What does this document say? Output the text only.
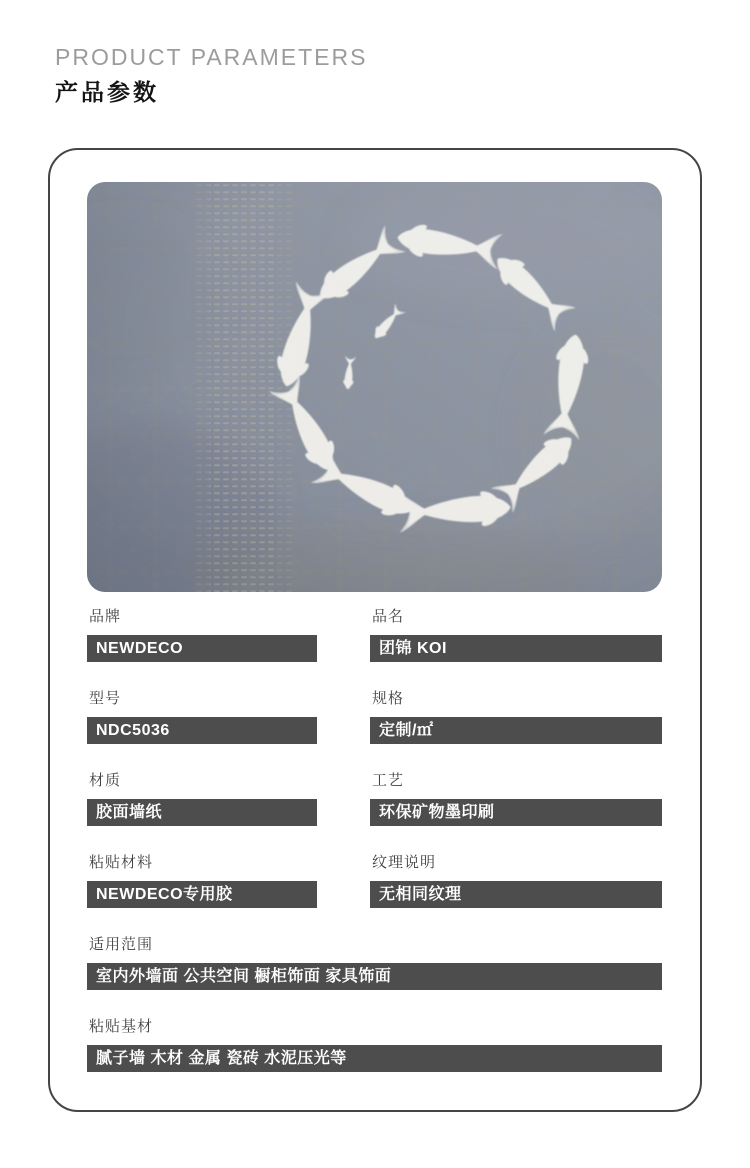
PRODUCT PARAMETERS
产品参数
品牌
NEWDECO
品名
团锦 KOI
型号
NDC5036
规格
定制/㎡
材质
胶面墙纸
工艺
环保矿物墨印刷
粘贴材料
NEWDECO专用胶
纹理说明
无相同纹理
适用范围
室内外墙面 公共空间 橱柜饰面 家具饰面
粘贴基材
腻子墙 木材 金属 瓷砖 水泥压光等
